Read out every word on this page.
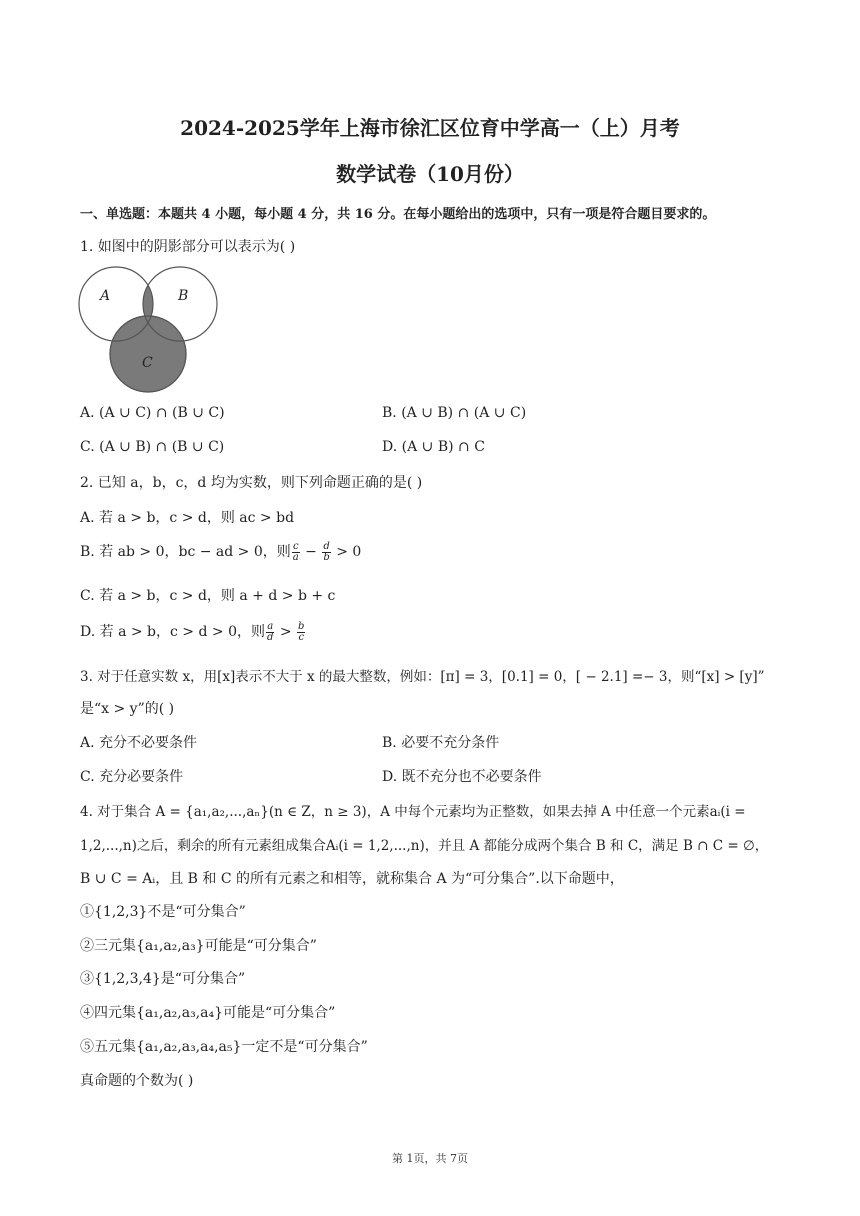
2024-2025学年上海市徐汇区位育中学高一（上）月考
数学试卷（10月份）
一、单选题：本题共 4 小题，每小题 4 分，共 16 分。在每小题给出的选项中，只有一项是符合题目要求的。
1. 如图中的阴影部分可以表示为( )
A	B
C
A. (A ∪ C) ∩ (B ∪ C)	B. (A ∪ B) ∩ (A ∪ C)
C. (A ∪ B) ∩ (B ∪ C)	D. (A ∪ B) ∩ C
2. 已知 a，b，c，d 均为实数，则下列命题正确的是( )
A. 若 a > b，c > d，则 ac > bd
B. 若 ab > 0，bc − ad > 0，则 $\frac{c}{a} - \frac{d}{b} > 0$
C. 若 a > b，c > d，则 a + d > b + c
D. 若 a > b，c > d > 0，则 $\frac{a}{d} > \frac{b}{c}$
3. 对于任意实数 x，用[x]表示不大于 x 的最大整数，例如：[π] = 3，[0.1] = 0，[ − 2.1] =− 3，则“[x] > [y]”
是“x > y”的( )
A. 充分不必要条件	B. 必要不充分条件
C. 充分必要条件	D. 既不充分也不必要条件
4. 对于集合 A = {a₁,a₂,...,aₙ}(n ∈ Z，n ≥ 3)，A 中每个元素均为正整数，如果去掉 A 中任意一个元素aᵢ(i =
1,2,...,n)之后，剩余的所有元素组成集合Aᵢ(i = 1,2,...,n)，并且 A 都能分成两个集合 B 和 C，满足 B ∩ C = ∅，
B ∪ C = Aᵢ，且 B 和 C 的所有元素之和相等，就称集合 A 为“可分集合”.以下命题中，
①{1,2,3}不是“可分集合”
②三元集{a₁,a₂,a₃}可能是“可分集合”
③{1,2,3,4}是“可分集合”
④四元集{a₁,a₂,a₃,a₄}可能是“可分集合”
⑤五元集{a₁,a₂,a₃,a₄,a₅}一定不是“可分集合”
真命题的个数为( )
第 1页，共 7页
